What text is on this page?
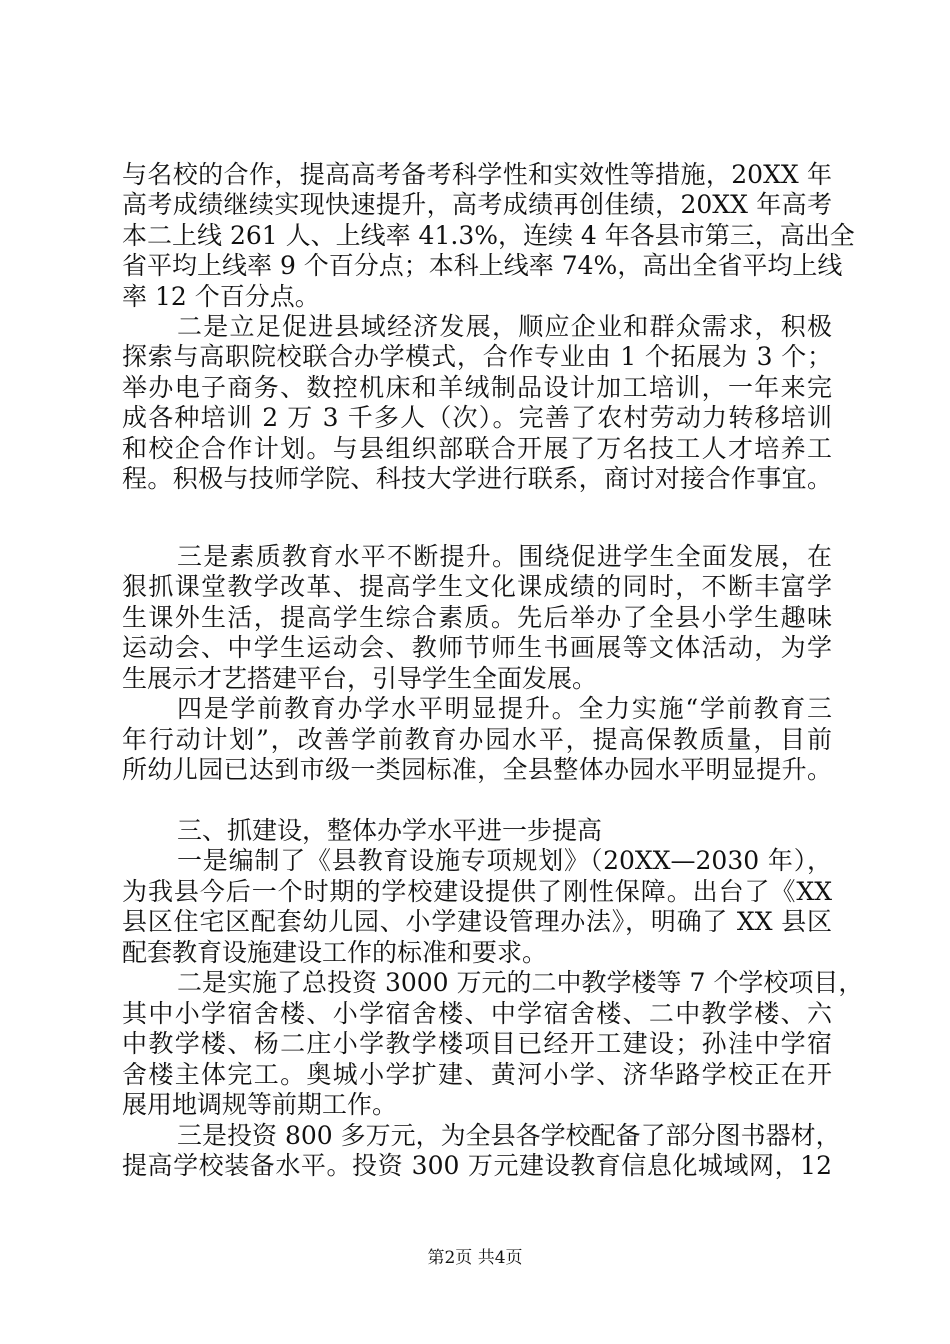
与名校的合作，提高高考备考科学性和实效性等措施，20XX 年
高考成绩继续实现快速提升，高考成绩再创佳绩，20XX 年高考
本二上线 261 人、上线率 41.3%，连续 4 年各县市第三，高出全
省平均上线率 9 个百分点；本科上线率 74%，高出全省平均上线
率 12 个百分点。
二是立足促进县域经济发展，顺应企业和群众需求，积极
探索与高职院校联合办学模式，合作专业由 1 个拓展为 3 个；
举办电子商务、数控机床和羊绒制品设计加工培训，一年来完
成各种培训 2 万 3 千多人（次）。完善了农村劳动力转移培训
和校企合作计划。与县组织部联合开展了万名技工人才培养工
程。积极与技师学院、科技大学进行联系，商讨对接合作事宜。
三是素质教育水平不断提升。围绕促进学生全面发展，在
狠抓课堂教学改革、提高学生文化课成绩的同时，不断丰富学
生课外生活，提高学生综合素质。先后举办了全县小学生趣味
运动会、中学生运动会、教师节师生书画展等文体活动，为学
生展示才艺搭建平台，引导学生全面发展。
四是学前教育办学水平明显提升。全力实施“学前教育三
年行动计划”，改善学前教育办园水平，提高保教质量，目前
所幼儿园已达到市级一类园标准，全县整体办园水平明显提升。
三、抓建设，整体办学水平进一步提高
一是编制了《县教育设施专项规划》（20XX—2030 年），
为我县今后一个时期的学校建设提供了刚性保障。出台了《XX
县区住宅区配套幼儿园、小学建设管理办法》，明确了 XX 县区
配套教育设施建设工作的标准和要求。
二是实施了总投资 3000 万元的二中教学楼等 7 个学校项目，
其中小学宿舍楼、小学宿舍楼、中学宿舍楼、二中教学楼、六
中教学楼、杨二庄小学教学楼项目已经开工建设；孙洼中学宿
舍楼主体完工。奥城小学扩建、黄河小学、济华路学校正在开
展用地调规等前期工作。
三是投资 800 多万元，为全县各学校配备了部分图书器材，
提高学校装备水平。投资 300 万元建设教育信息化城域网，12
第2页 共4页
